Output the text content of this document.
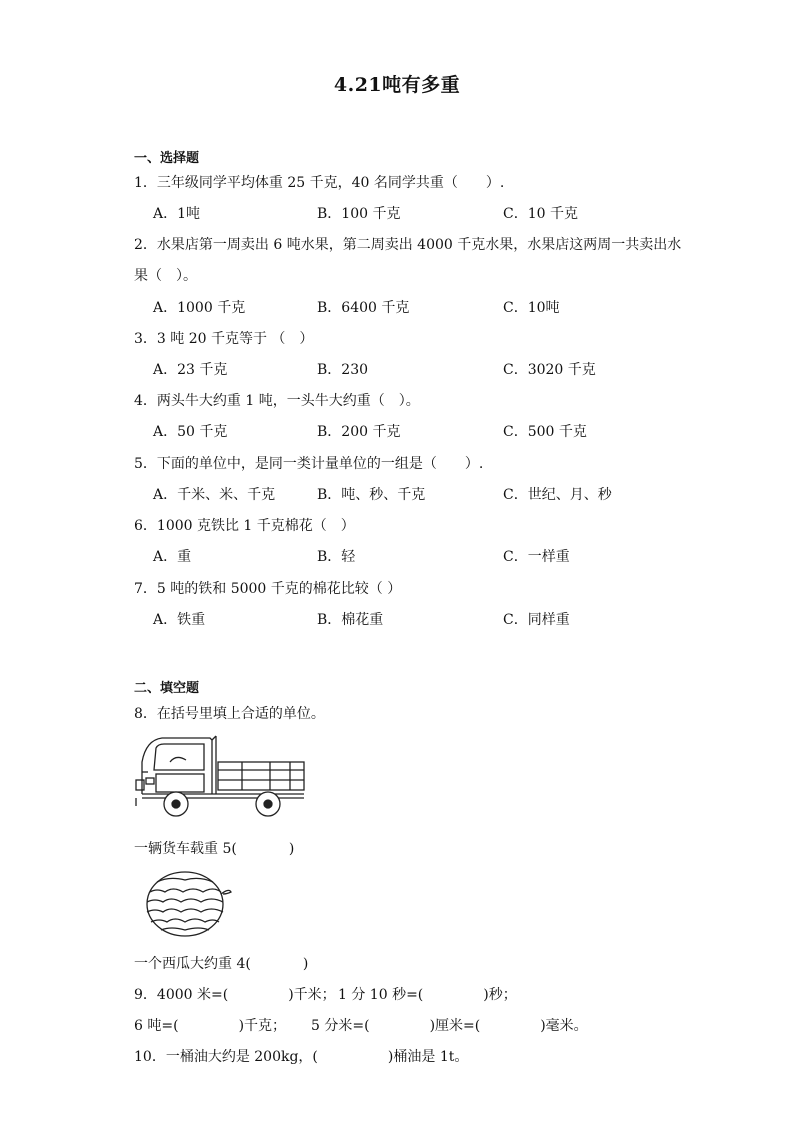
4.21吨有多重
一、选择题
1．三年级同学平均体重 25 千克，40 名同学共重（　　）.
A．1吨	B．100 千克	C．10 千克
2．水果店第一周卖出 6 吨水果，第二周卖出 4000 千克水果，水果店这两周一共卖出水
果（　）。
A．1000 千克	B．6400 千克	C．10吨
3．3 吨 20 千克等于 （　）
A．23 千克	B．230	C．3020 千克
4．两头牛大约重 1 吨，一头牛大约重（　）。
A．50 千克	B．200 千克	C．500 千克
5．下面的单位中，是同一类计量单位的一组是（　　）.
A．千米、米、千克	B．吨、秒、千克	C．世纪、月、秒
6．1000 克铁比 1 千克棉花（　）
A．重	B．轻	C．一样重
7．5 吨的铁和 5000 千克的棉花比较（ ）
A．铁重	B．棉花重	C．同样重
二、填空题
8．在括号里填上合适的单位。
一辆货车载重 5(	)
一个西瓜大约重 4(	)
9．4000 米=(	)千米； 1 分 10 秒=(	)秒；
6 吨=(	)千克； 5 分米=(	)厘米=(	)毫米。
10．一桶油大约是 200kg，(	)桶油是 1t。
